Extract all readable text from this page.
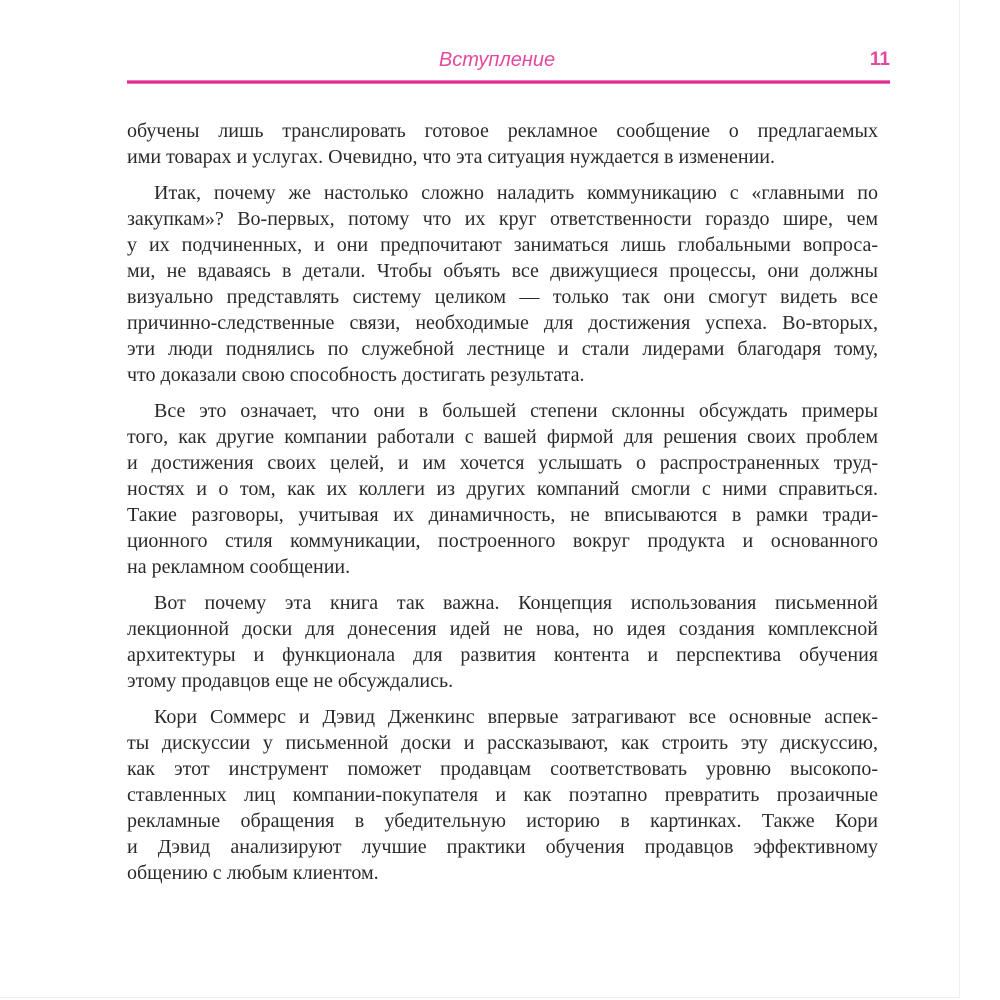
Вступление	11
обучены лишь транслировать готовое рекламное сообщение о предлагаемых
ими товарах и услугах. Очевидно, что эта ситуация нуждается в изменении.
Итак, почему же настолько сложно наладить коммуникацию с «главными по
закупкам»? Во-первых, потому что их круг ответственности гораздо шире, чем
у их подчиненных, и они предпочитают заниматься лишь глобальными вопроса-
ми, не вдаваясь в детали. Чтобы объять все движущиеся процессы, они должны
визуально представлять систему целиком — только так они смогут видеть все
причинно-следственные связи, необходимые для достижения успеха. Во-вторых,
эти люди поднялись по служебной лестнице и стали лидерами благодаря тому,
что доказали свою способность достигать результата.
Все это означает, что они в большей степени склонны обсуждать примеры
того, как другие компании работали с вашей фирмой для решения своих проблем
и достижения своих целей, и им хочется услышать о распространенных труд-
ностях и о том, как их коллеги из других компаний смогли с ними справиться.
Такие разговоры, учитывая их динамичность, не вписываются в рамки тради-
ционного стиля коммуникации, построенного вокруг продукта и основанного
на рекламном сообщении.
Вот почему эта книга так важна. Концепция использования письменной
лекционной доски для донесения идей не нова, но идея создания комплексной
архитектуры и функционала для развития контента и перспектива обучения
этому продавцов еще не обсуждались.
Кори Соммерс и Дэвид Дженкинс впервые затрагивают все основные аспек-
ты дискуссии у письменной доски и рассказывают, как строить эту дискуссию,
как этот инструмент поможет продавцам соответствовать уровню высокопо-
ставленных лиц компании-покупателя и как поэтапно превратить прозаичные
рекламные обращения в убедительную историю в картинках. Также Кори
и Дэвид анализируют лучшие практики обучения продавцов эффективному
общению с любым клиентом.
